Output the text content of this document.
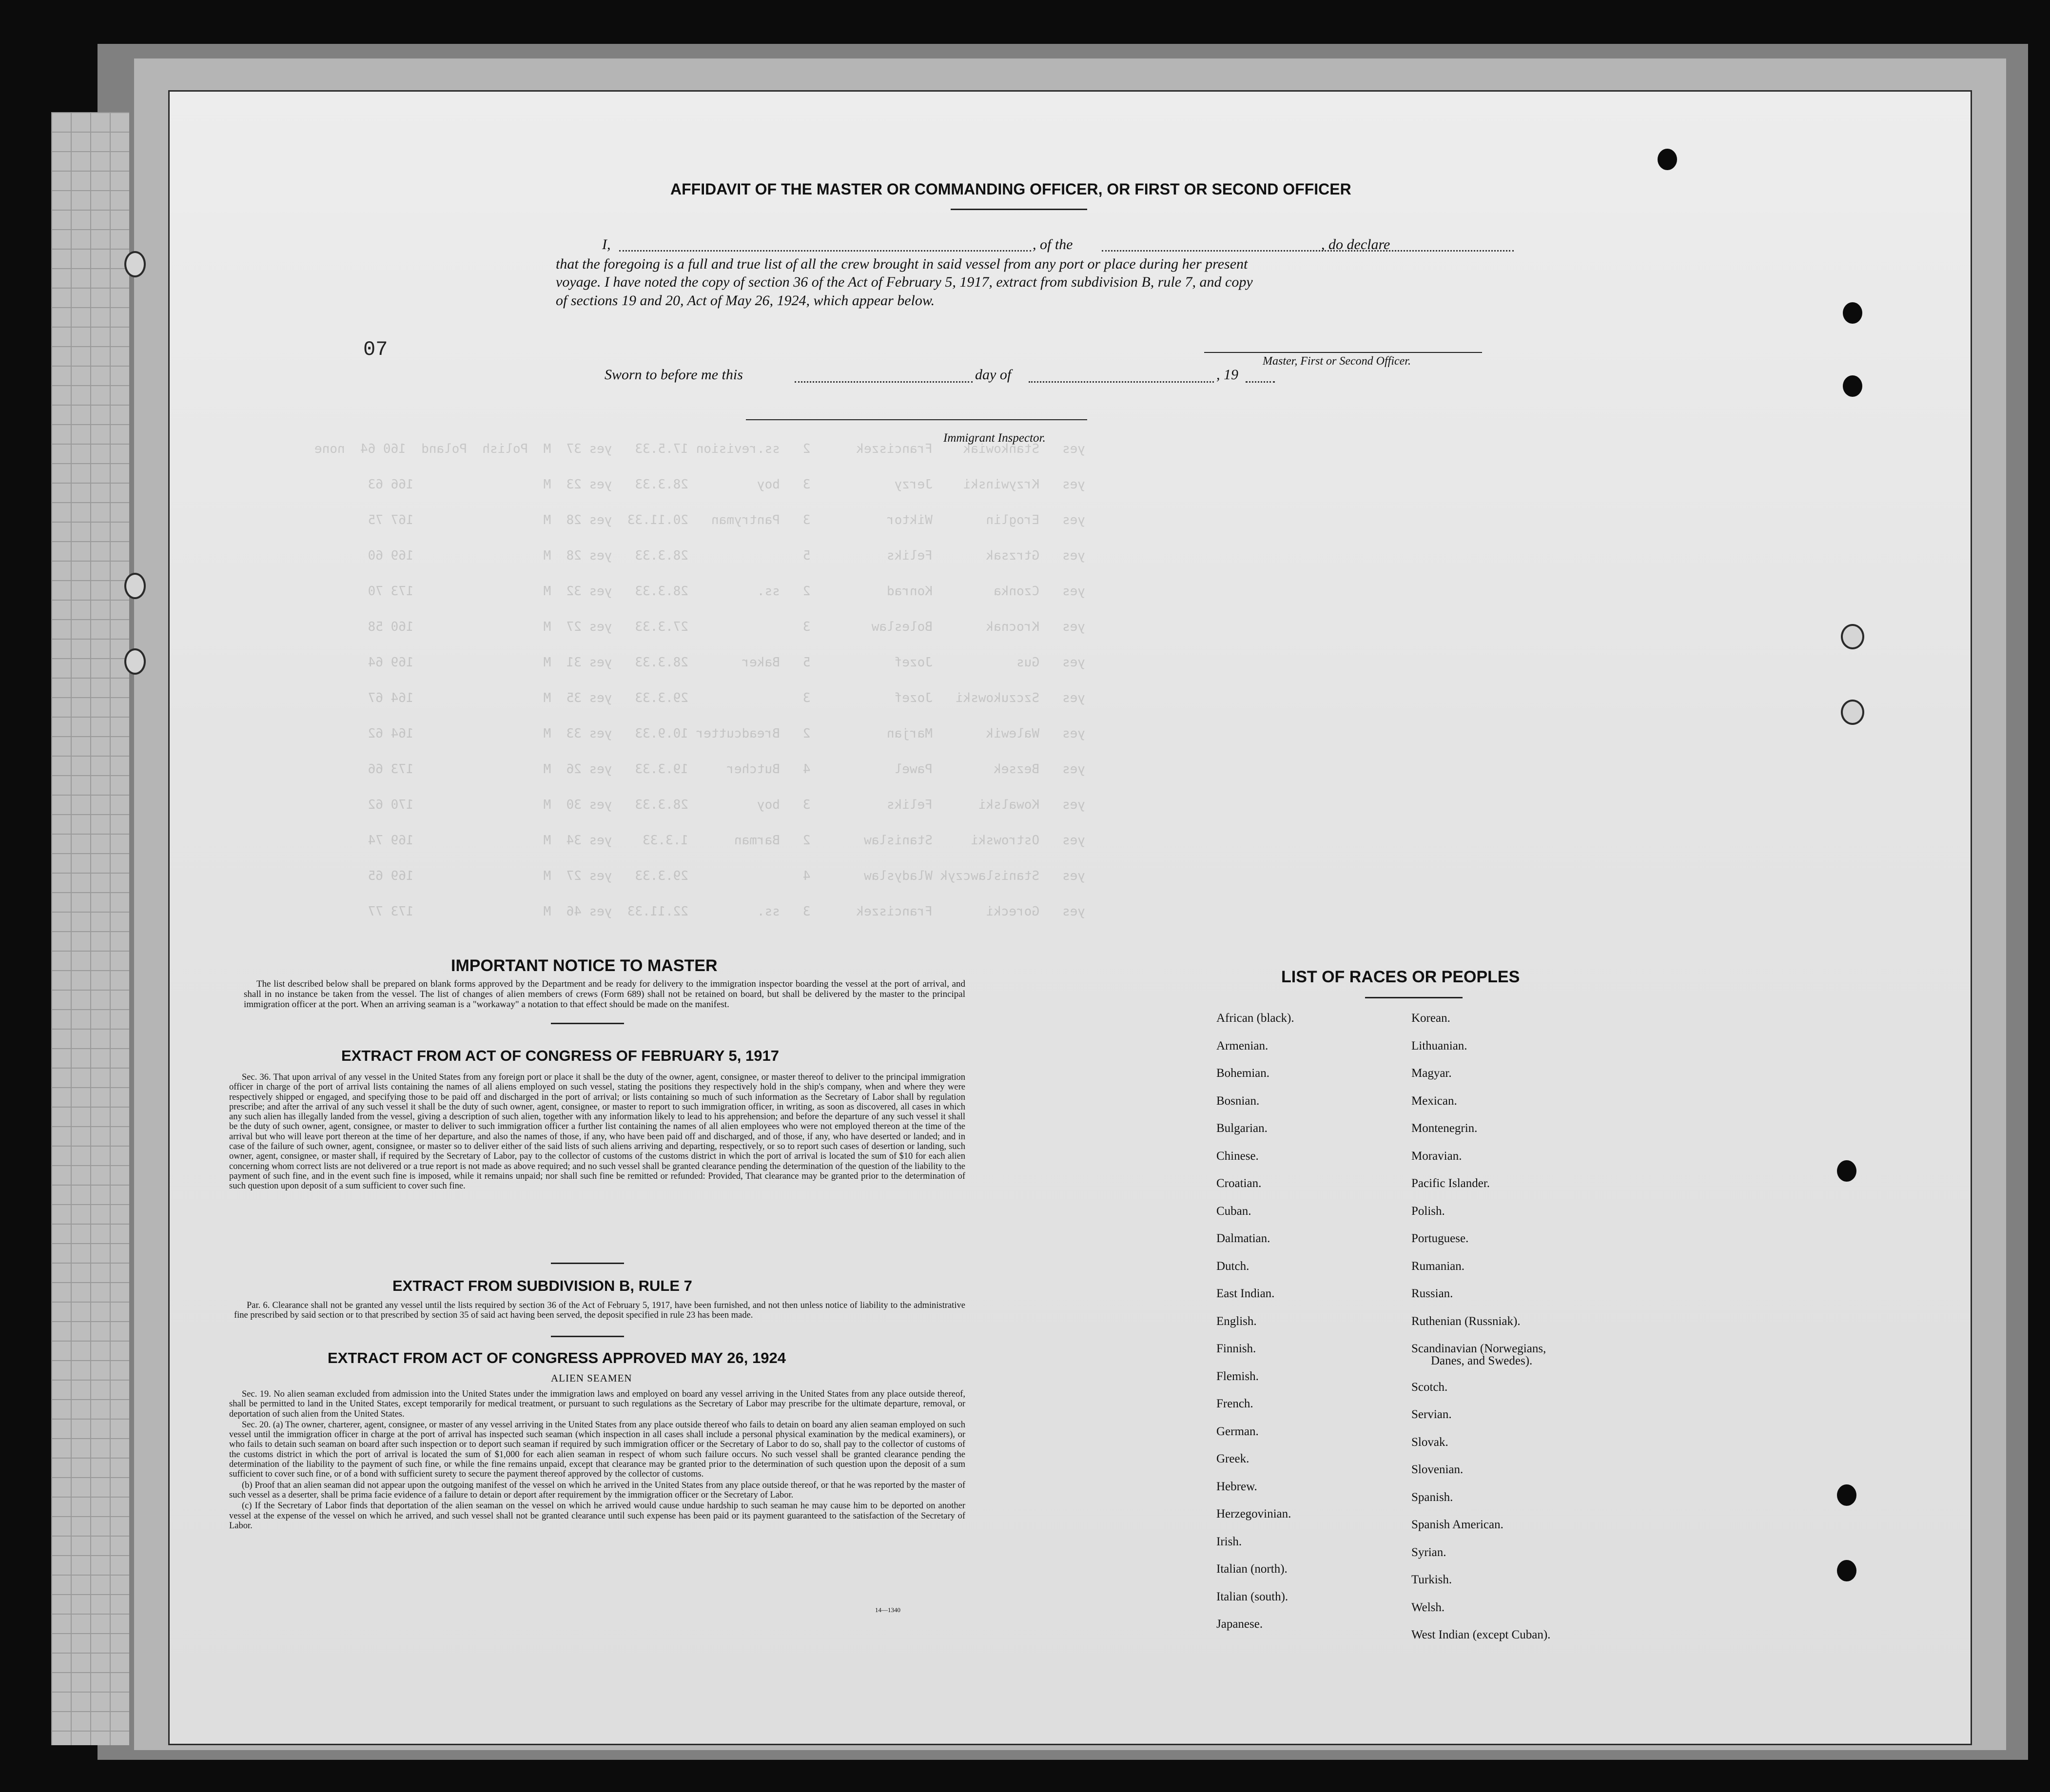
yes   Stankowiak    Franciszek      2   ss.revision 17.5.33   yes 37  M  Polish  Poland  160 64  none
yes   Krzywinski    Jerzy           3   boy         28.3.33   yes 23  M                 166 63
yes   Eroglin       Wiktor          3   Pantryman   20.11.33  yes 28  M                 167 75
yes   Gtrzsak       Feliks          5               28.3.33   yes 28  M                 169 60
yes   Czonka        Konrad          2   ss.         28.3.33   yes 32  M                 173 70
yes   Krocnak       Boleslaw        3               27.3.33   yes 27  M                 160 58
yes   Gus           Jozef           5   Baker       28.3.33   yes 31  M                 169 64
yes   Szczukowski   Jozef           3               29.3.33   yes 35  M                 164 67
yes   Walewik       Marjan          2   Breadcutter 10.9.33   yes 33  M                 164 62
yes   Bezsek        Pawel           4   Butcher     19.3.33   yes 26  M                 173 66
yes   Kowalski      Feliks          3   boy         28.3.33   yes 30  M                 170 62
yes   Ostrowski     Stanislaw       2   Barman      1.3.33    yes 34  M                 169 74
yes   Stanislawczyk Wladyslaw       4               29.3.33   yes 27  M                 169 65
yes   Gorecki       Franciszek      3   ss.         22.11.33  yes 46  M                 173 77
07
AFFIDAVIT OF THE MASTER OR COMMANDING OFFICER, OR FIRST OR SECOND OFFICER
I,	, of the	, do declare
that the foregoing is a full and true list of all the crew brought in said vessel from any port or place during her present
voyage. I have noted the copy of section 36 of the Act of February 5, 1917, extract from subdivision B, rule 7, and copy
of sections 19 and 20, Act of May 26, 1924, which appear below.
Master, First or Second Officer.
Sworn to before me this	day of	, 19
Immigrant Inspector.
IMPORTANT NOTICE TO MASTER

The list described below shall be prepared on blank forms approved by the Department and be ready for delivery to the immigration inspector boarding the vessel at the port of arrival, and shall in no instance be taken from the vessel. The list of changes of alien members of crews (Form 689) shall not be retained on board, but shall be delivered by the master to the principal immigration officer at the port. When an arriving seaman is a "workaway" a notation to that effect should be made on the manifest.

EXTRACT FROM ACT OF CONGRESS OF FEBRUARY 5, 1917

Sec. 36. That upon arrival of any vessel in the United States from any foreign port or place it shall be the duty of the owner, agent, consignee, or master thereof to deliver to the principal immigration officer in charge of the port of arrival lists containing the names of all aliens employed on such vessel, stating the positions they respectively hold in the ship's company, when and where they were respectively shipped or engaged, and specifying those to be paid off and discharged in the port of arrival; or lists containing so much of such information as the Secretary of Labor shall by regulation prescribe; and after the arrival of any such vessel it shall be the duty of such owner, agent, consignee, or master to report to such immigration officer, in writing, as soon as discovered, all cases in which any such alien has illegally landed from the vessel, giving a description of such alien, together with any information likely to lead to his apprehension; and before the departure of any such vessel it shall be the duty of such owner, agent, consignee, or master to deliver to such immigration officer a further list containing the names of all alien employees who were not employed thereon at the time of the arrival but who will leave port thereon at the time of her departure, and also the names of those, if any, who have been paid off and discharged, and of those, if any, who have deserted or landed; and in case of the failure of such owner, agent, consignee, or master so to deliver either of the said lists of such aliens arriving and departing, respectively, or so to report such cases of desertion or landing, such owner, agent, consignee, or master shall, if required by the Secretary of Labor, pay to the collector of customs of the customs district in which the port of arrival is located the sum of $10 for each alien concerning whom correct lists are not delivered or a true report is not made as above required; and no such vessel shall be granted clearance pending the determination of the question of the liability to the payment of such fine, and in the event such fine is imposed, while it remains unpaid; nor shall such fine be remitted or refunded: Provided, That clearance may be granted prior to the determination of such question upon deposit of a sum sufficient to cover such fine.

EXTRACT FROM SUBDIVISION B, RULE 7

Par. 6. Clearance shall not be granted any vessel until the lists required by section 36 of the Act of February 5, 1917, have been furnished, and not then unless notice of liability to the administrative fine prescribed by said section or to that prescribed by section 35 of said act having been served, the deposit specified in rule 23 has been made.

EXTRACT FROM ACT OF CONGRESS APPROVED MAY 26, 1924
ALIEN SEAMEN

Sec. 19. No alien seaman excluded from admission into the United States under the immigration laws and employed on board any vessel arriving in the United States from any place outside thereof, shall be permitted to land in the United States, except temporarily for medical treatment, or pursuant to such regulations as the Secretary of Labor may prescribe for the ultimate departure, removal, or deportation of such alien from the United States.

Sec. 20. (a) The owner, charterer, agent, consignee, or master of any vessel arriving in the United States from any place outside thereof who fails to detain on board any alien seaman employed on such vessel until the immigration officer in charge at the port of arrival has inspected such seaman (which inspection in all cases shall include a personal physical examination by the medical examiners), or who fails to detain such seaman on board after such inspection or to deport such seaman if required by such immigration officer or the Secretary of Labor to do so, shall pay to the collector of customs of the customs district in which the port of arrival is located the sum of $1,000 for each alien seaman in respect of whom such failure occurs. No such vessel shall be granted clearance pending the determination of the liability to the payment of such fine, or while the fine remains unpaid, except that clearance may be granted prior to the determination of such question upon the deposit of a sum sufficient to cover such fine, or of a bond with sufficient surety to secure the payment thereof approved by the collector of customs.

(b) Proof that an alien seaman did not appear upon the outgoing manifest of the vessel on which he arrived in the United States from any place outside thereof, or that he was reported by the master of such vessel as a deserter, shall be prima facie evidence of a failure to detain or deport after requirement by the immigration officer or the Secretary of Labor.

(c) If the Secretary of Labor finds that deportation of the alien seaman on the vessel on which he arrived would cause undue hardship to such seaman he may cause him to be deported on another vessel at the expense of the vessel on which he arrived, and such vessel shall not be granted clearance until such expense has been paid or its payment guaranteed to the satisfaction of the Secretary of Labor.

14—1340
LIST OF RACES OR PEOPLES
African (black).
Armenian.
Bohemian.
Bosnian.
Bulgarian.
Chinese.
Croatian.
Cuban.
Dalmatian.
Dutch.
East Indian.
English.
Finnish.
Flemish.
French.
German.
Greek.
Hebrew.
Herzegovinian.
Irish.
Italian (north).
Italian (south).
Japanese.
Korean.
Lithuanian.
Magyar.
Mexican.
Montenegrin.
Moravian.
Pacific Islander.
Polish.
Portuguese.
Rumanian.
Russian.
Ruthenian (Russniak).
Scandinavian (Norwegians,
Scotch.
Servian.
Slovak.
Slovenian.
Spanish.
Spanish American.
Syrian.
Turkish.
Welsh.
West Indian (except Cuban).
Danes, and Swedes).
